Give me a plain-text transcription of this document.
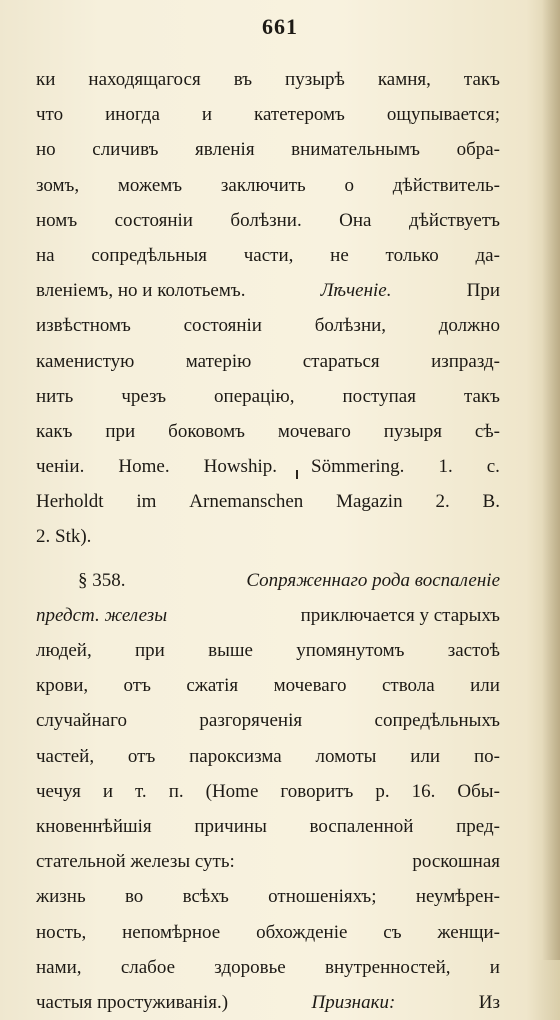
661
ки находящагося въ пузырѣ камня, такъ
что иногда и катетеромъ ощупывается;
но сличивъ явленія внимательнымъ обра-
зомъ, можемъ заключить о дѣйствитель-
номъ состояніи болѣзни. Она дѣйствуетъ
на сопредѣльныя части, не только да-
вленіемъ, но и колотьемъ.	Лѣченіе.	При
извѣстномъ	состояніи	болѣзни,	должно
каменистую	матерію	стараться	изпразд-
нить	чрезъ	операцію,	поступая	такъ
какъ при боковомъ мочеваго пузыря сѣ-
ченіи. Home. Howship. Sömmering. 1. c.
Herholdt im Arnemanschen Magazin 2. B.
2. Stk).
§ 358.	Сопряженнаго рода воспаленіе
предст. железы	приключается у старыхъ
людей, при выше упомянутомъ застоѣ
крови, отъ сжатія мочеваго ствола или
случайнаго	разгоряченія	сопредѣльныхъ
частей, отъ пароксизма ломоты или по-
чечуя и т. п. (Home говоритъ р. 16. Обы-
кновеннѣйшія причины воспаленной пред-
стательной железы суть:	роскошная
жизнь во всѣхъ отношеніяхъ; неумѣрен-
ность, непомѣрное обхожденіе съ женщи-
нами, слабое здоровье внутренностей, и
частыя простуживанія.)	Признаки:	Из
